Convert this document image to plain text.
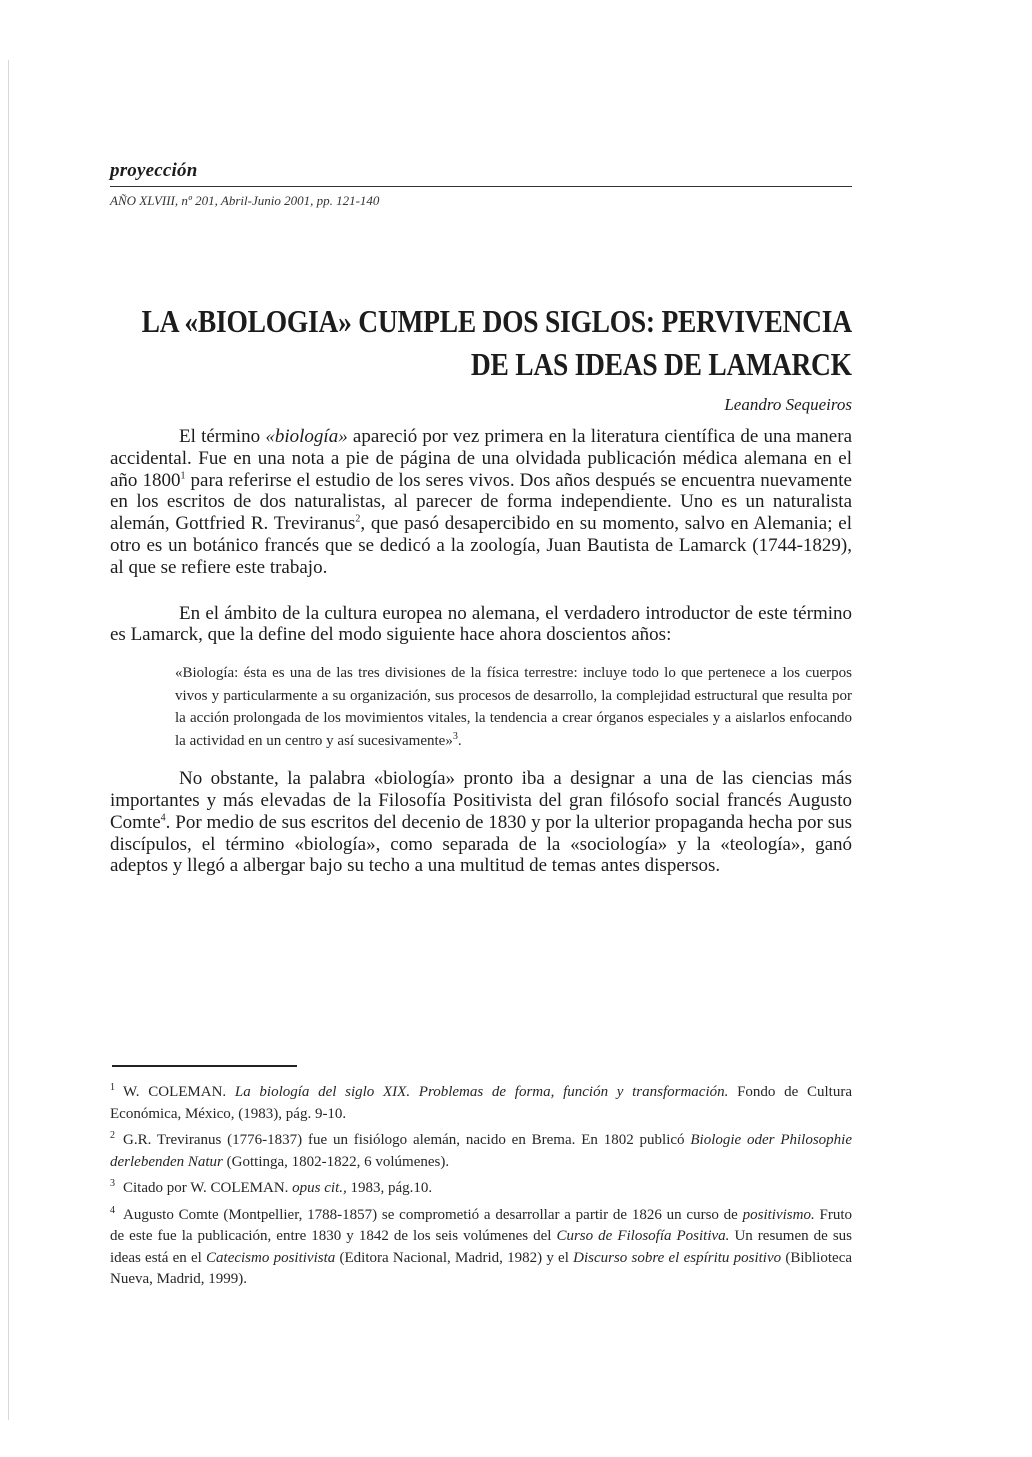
proyección
AÑO XLVIII, nº 201, Abril-Junio 2001, pp. 121-140
LA «BIOLOGIA» CUMPLE DOS SIGLOS: PERVIVENCIA
DE LAS IDEAS DE LAMARCK
Leandro Sequeiros

El término «biología» apareció por vez primera en la literatura científica de una manera accidental. Fue en una nota a pie de página de una olvidada publicación médica alemana en el año 1800$^1$ para referirse el estudio de los seres vivos. Dos años después se encuentra nuevamente en los escritos de dos naturalistas, al parecer de forma independiente. Uno es un naturalista alemán, Gottfried R. Treviranus$^2$, que pasó desapercibido en su momento, salvo en Alemania; el otro es un botánico francés que se dedicó a la zoología, Juan Bautista de Lamarck (1744-1829), al que se refiere este trabajo.

En el ámbito de la cultura europea no alemana, el verdadero introductor de este término es Lamarck, que la define del modo siguiente hace ahora doscientos años:

«Biología: ésta es una de las tres divisiones de la física terrestre: incluye todo lo que pertenece a los cuerpos vivos y particularmente a su organización, sus procesos de desarrollo, la complejidad estructural que resulta por la acción prolongada de los movimientos vitales, la tendencia a crear órganos especiales y a aislarlos enfocando la actividad en un centro y así sucesivamente»$^3$.

No obstante, la palabra «biología» pronto iba a designar a una de las ciencias más importantes y más elevadas de la Filosofía Positivista del gran filósofo social francés Augusto Comte$^4$. Por medio de sus escritos del decenio de 1830 y por la ulterior propaganda hecha por sus discípulos, el término «biología», como separada de la «sociología» y la «teología», ganó adeptos y llegó a albergar bajo su techo a una multitud de temas antes dispersos.

$^1$ W. COLEMAN. La biología del siglo XIX. Problemas de forma, función y transformación. Fondo de Cultura Económica, México, (1983), pág. 9-10.

$^2$ G.R. Treviranus (1776-1837) fue un fisiólogo alemán, nacido en Brema. En 1802 publicó Biologie oder Philosophie derlebenden Natur (Gottinga, 1802-1822, 6 volúmenes).

$^3$ Citado por W. COLEMAN. opus cit., 1983, pág.10.

$^4$ Augusto Comte (Montpellier, 1788-1857) se comprometió a desarrollar a partir de 1826 un curso de positivismo. Fruto de este fue la publicación, entre 1830 y 1842 de los seis volúmenes del Curso de Filosofía Positiva. Un resumen de sus ideas está en el Catecismo positivista (Editora Nacional, Madrid, 1982) y el Discurso sobre el espíritu positivo (Biblioteca Nueva, Madrid, 1999).
